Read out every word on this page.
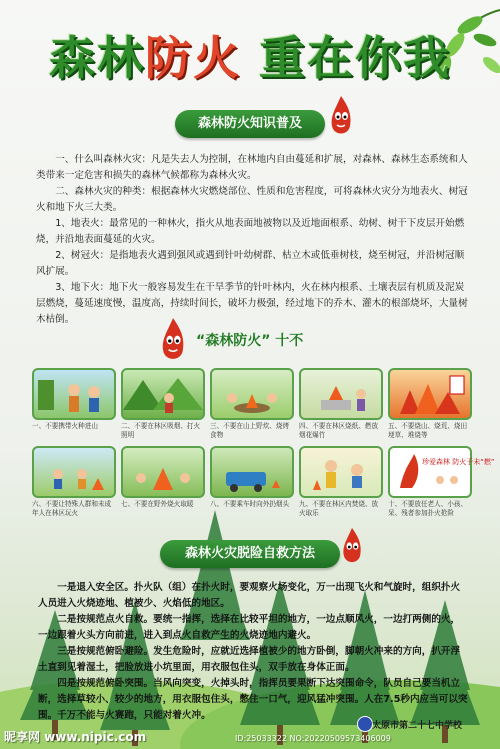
森林防火 重在你我
森林防火知识普及

一、什么叫森林火灾：凡是失去人为控制，在林地内自由蔓延和扩展，对森林、森林生态系统和人类带来一定危害和损失的森林气候都称为森林火灾。

二、森林火灾的种类：根据森林火灾燃烧部位、性质和危害程度，可将森林火灾分为地表火、树冠火和地下火三大类。

1、地表火：最常见的一种林火，指火从地表面地被物以及近地面根系、幼树、树干下皮层开始燃烧，并沿地表面蔓延的火灾。

2、树冠火：是指地表火遇到强风或遇到针叶幼树群、枯立木或低垂树枝，烧至树冠，并沿树冠顺风扩展。

3、地下火：地下火一般容易发生在干旱季节的针叶林内，火在林内根系、土壤表层有机质及泥炭层燃烧，蔓延速度慢，温度高，持续时间长，破坏力极强，经过地下的乔木、灌木的根部烧坏，大量树木枯倒。

“森林防火” 十不
一、不要携带火种进山	二、不要在林区吸烟、打火照明
三、不要在山上野炊、烧烤食物
四、不要在林区烧纸、燃放烟花爆竹
五、不要烧山、烧荒、烧田埂草、堆烧等
六、不要让特殊人群和未成年人在林区玩火
七、不要在野外烧火取暖	八、不要乘车时向外扔烟头	九、不要在林区内焚烧、放火取乐
珍爱森林 防火于未“燃”
十、不要放任老人、小孩、呆、残者参加扑火抢险
森林火灾脱险自救方法

一是退入安全区。扑火队（组）在扑火时，要观察火场变化，万一出现飞火和气旋时，组织扑火人员进入火烧迹地、植被少、火焰低的地区。

二是按规范点火自救。要统一指挥，选择在比较平坦的地方，一边点顺风火，一边打两侧的火，一边跟着火头方向前进，进入到点火自救产生的火烧迹地内避火。

三是按规范俯卧避险。发生危险时，应就近选择植被少的地方卧倒，脚朝火冲来的方向，扒开浮土直到见着湿土，把脸放进小坑里面，用衣服包住头，双手放在身体正面。

四是按规范俯卧突围。当风向突变，火掉头时，指挥员要果断下达突围命令，队员自己要当机立断，选择草较小、较少的地方，用衣服包住头，憋住一口气，迎风猛冲突围。人在7.5秒内应当可以突围。千万不能与火赛跑，只能对着火冲。

太原市第二十七中学校
昵享网 www.nipic.com	ID:25033322 NO:20220509573406009
